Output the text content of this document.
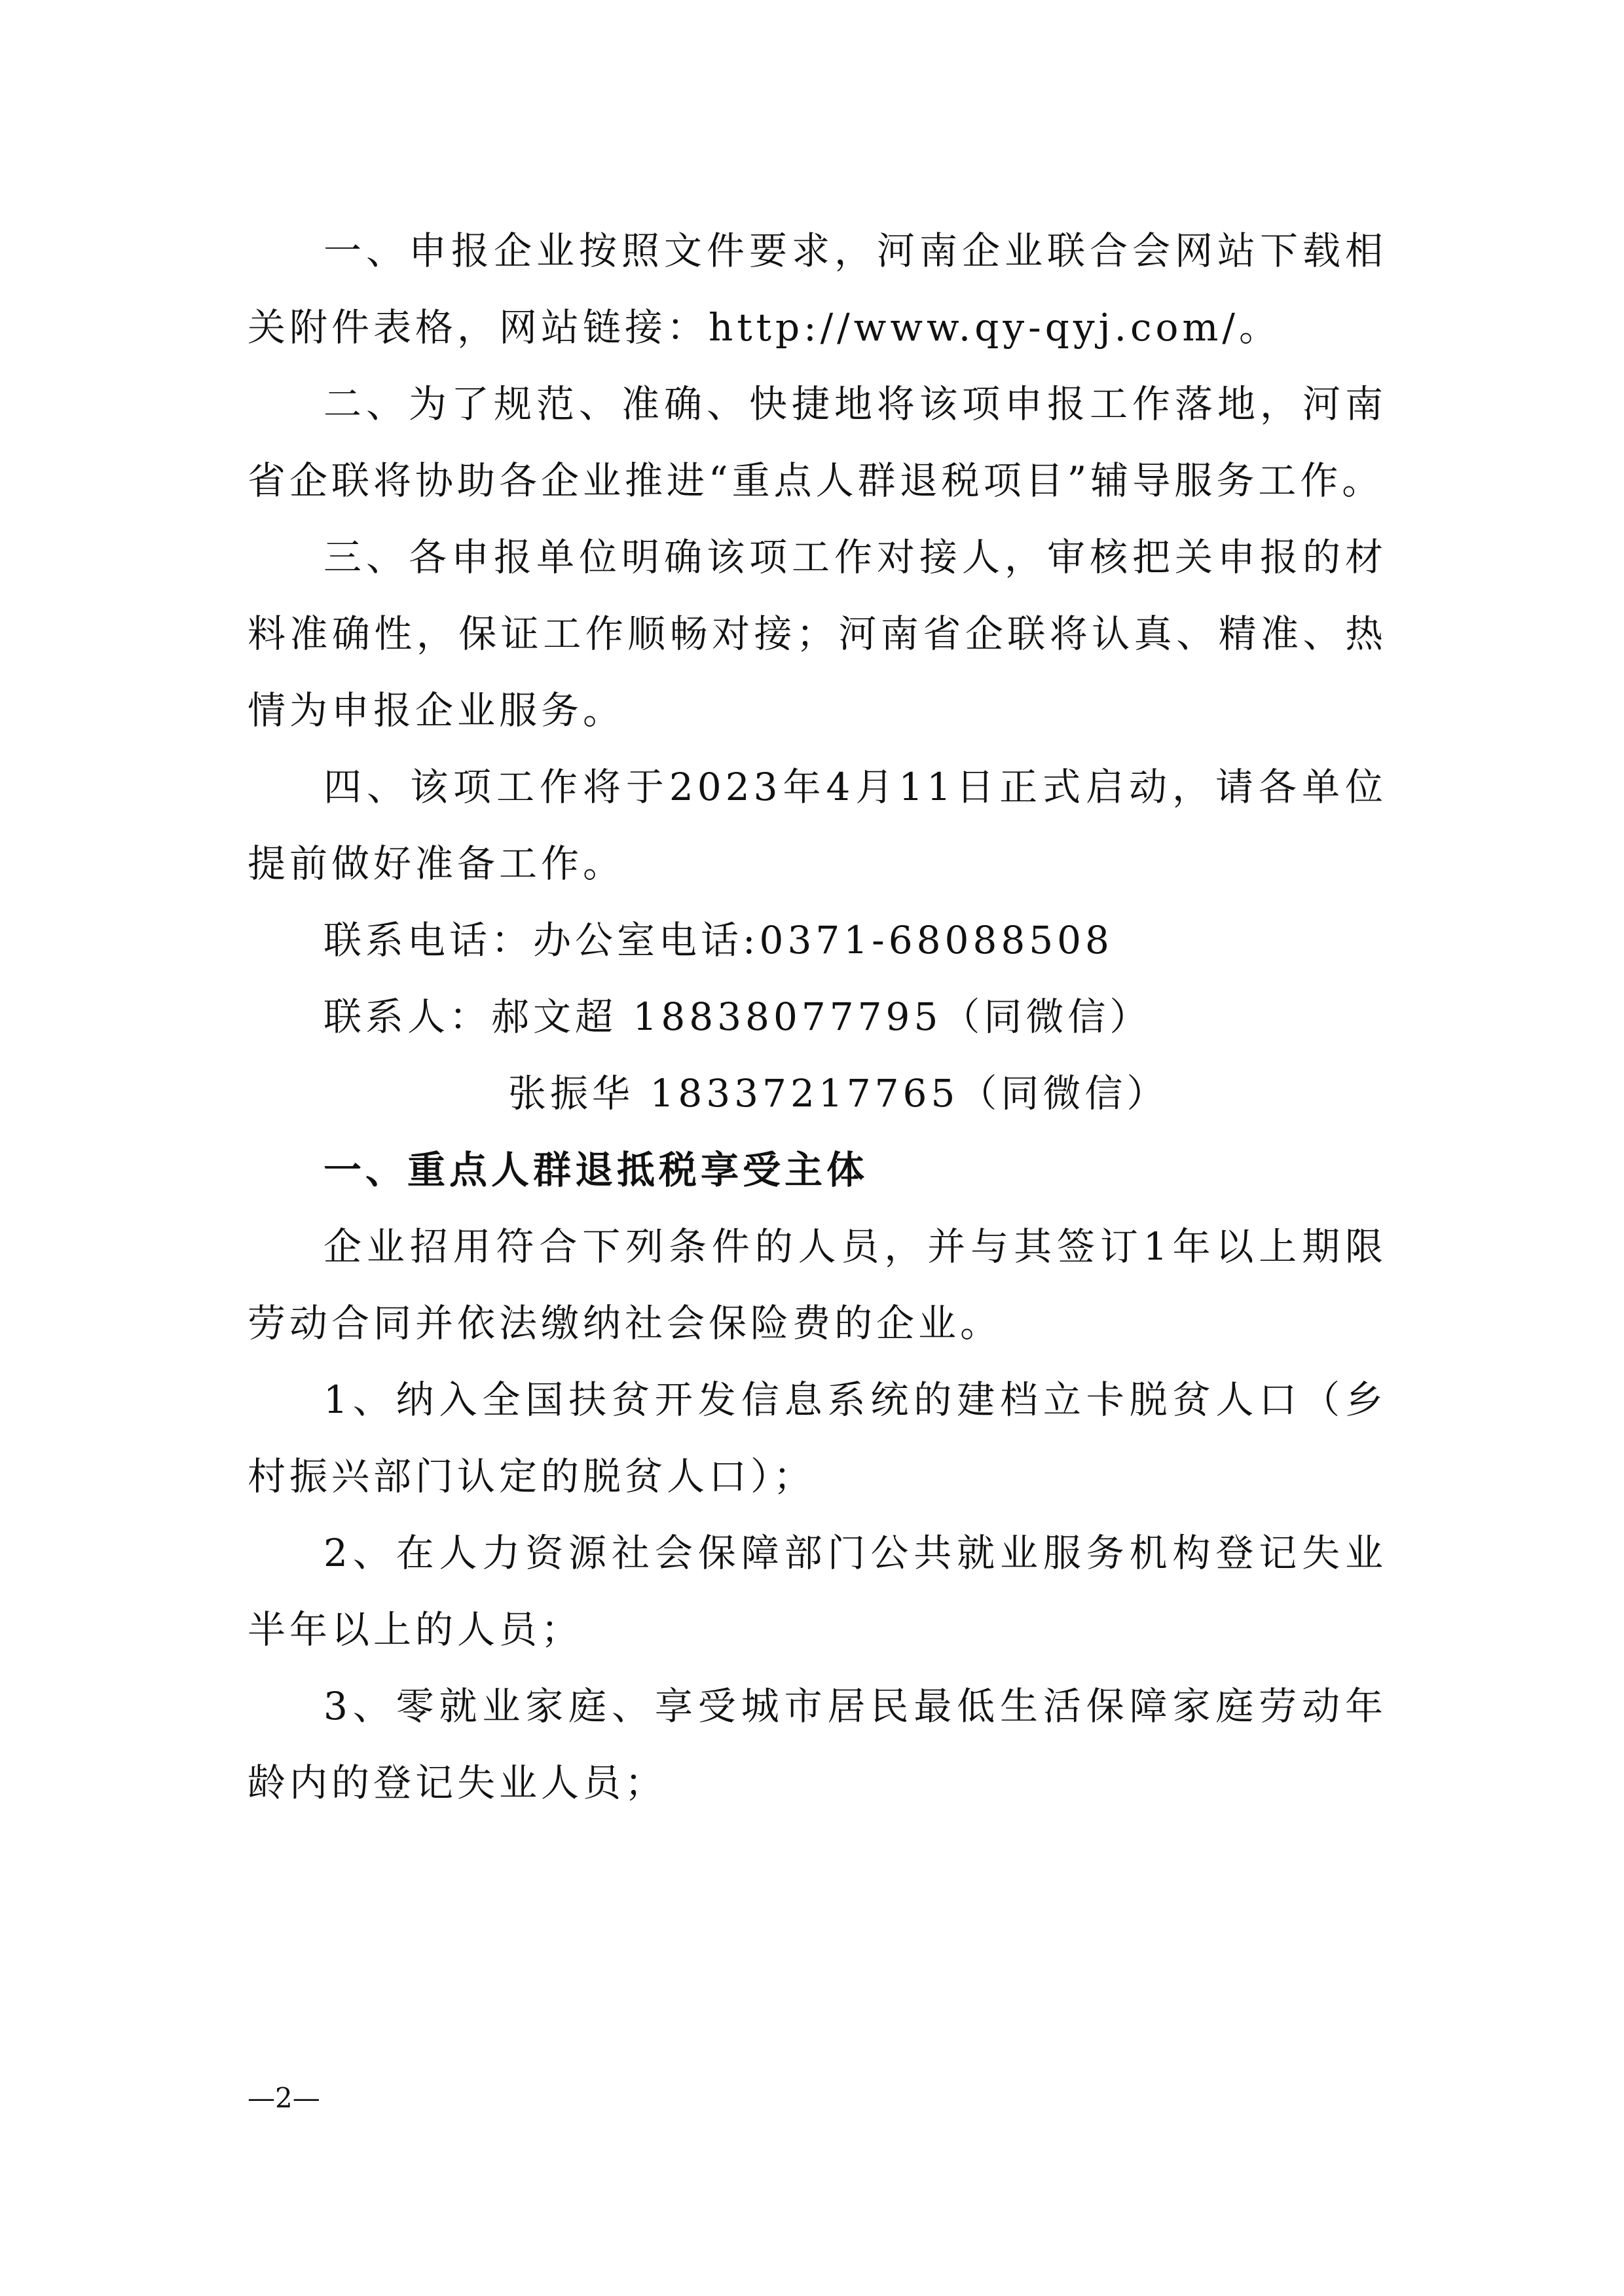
一、申报企业按照文件要求，河南企业联合会网站下载相关附件表格，网站链接：http://www.qy-qyj.com/。

二、为了规范、准确、快捷地将该项申报工作落地，河南省企联将协助各企业推进“重点人群退税项目”辅导服务工作。

三、各申报单位明确该项工作对接人，审核把关申报的材料准确性，保证工作顺畅对接；河南省企联将认真、精准、热情为申报企业服务。

四、该项工作将于2023年4月11日正式启动，请各单位提前做好准备工作。

联系电话：办公室电话:0371-68088508

联系人：郝文超 18838077795（同微信）

张振华 18337217765（同微信）

一、重点人群退抵税享受主体

企业招用符合下列条件的人员，并与其签订1年以上期限劳动合同并依法缴纳社会保险费的企业。

1、纳入全国扶贫开发信息系统的建档立卡脱贫人口（乡村振兴部门认定的脱贫人口）；

2、在人力资源社会保障部门公共就业服务机构登记失业半年以上的人员；

3、零就业家庭、享受城市居民最低生活保障家庭劳动年龄内的登记失业人员；

—2—
